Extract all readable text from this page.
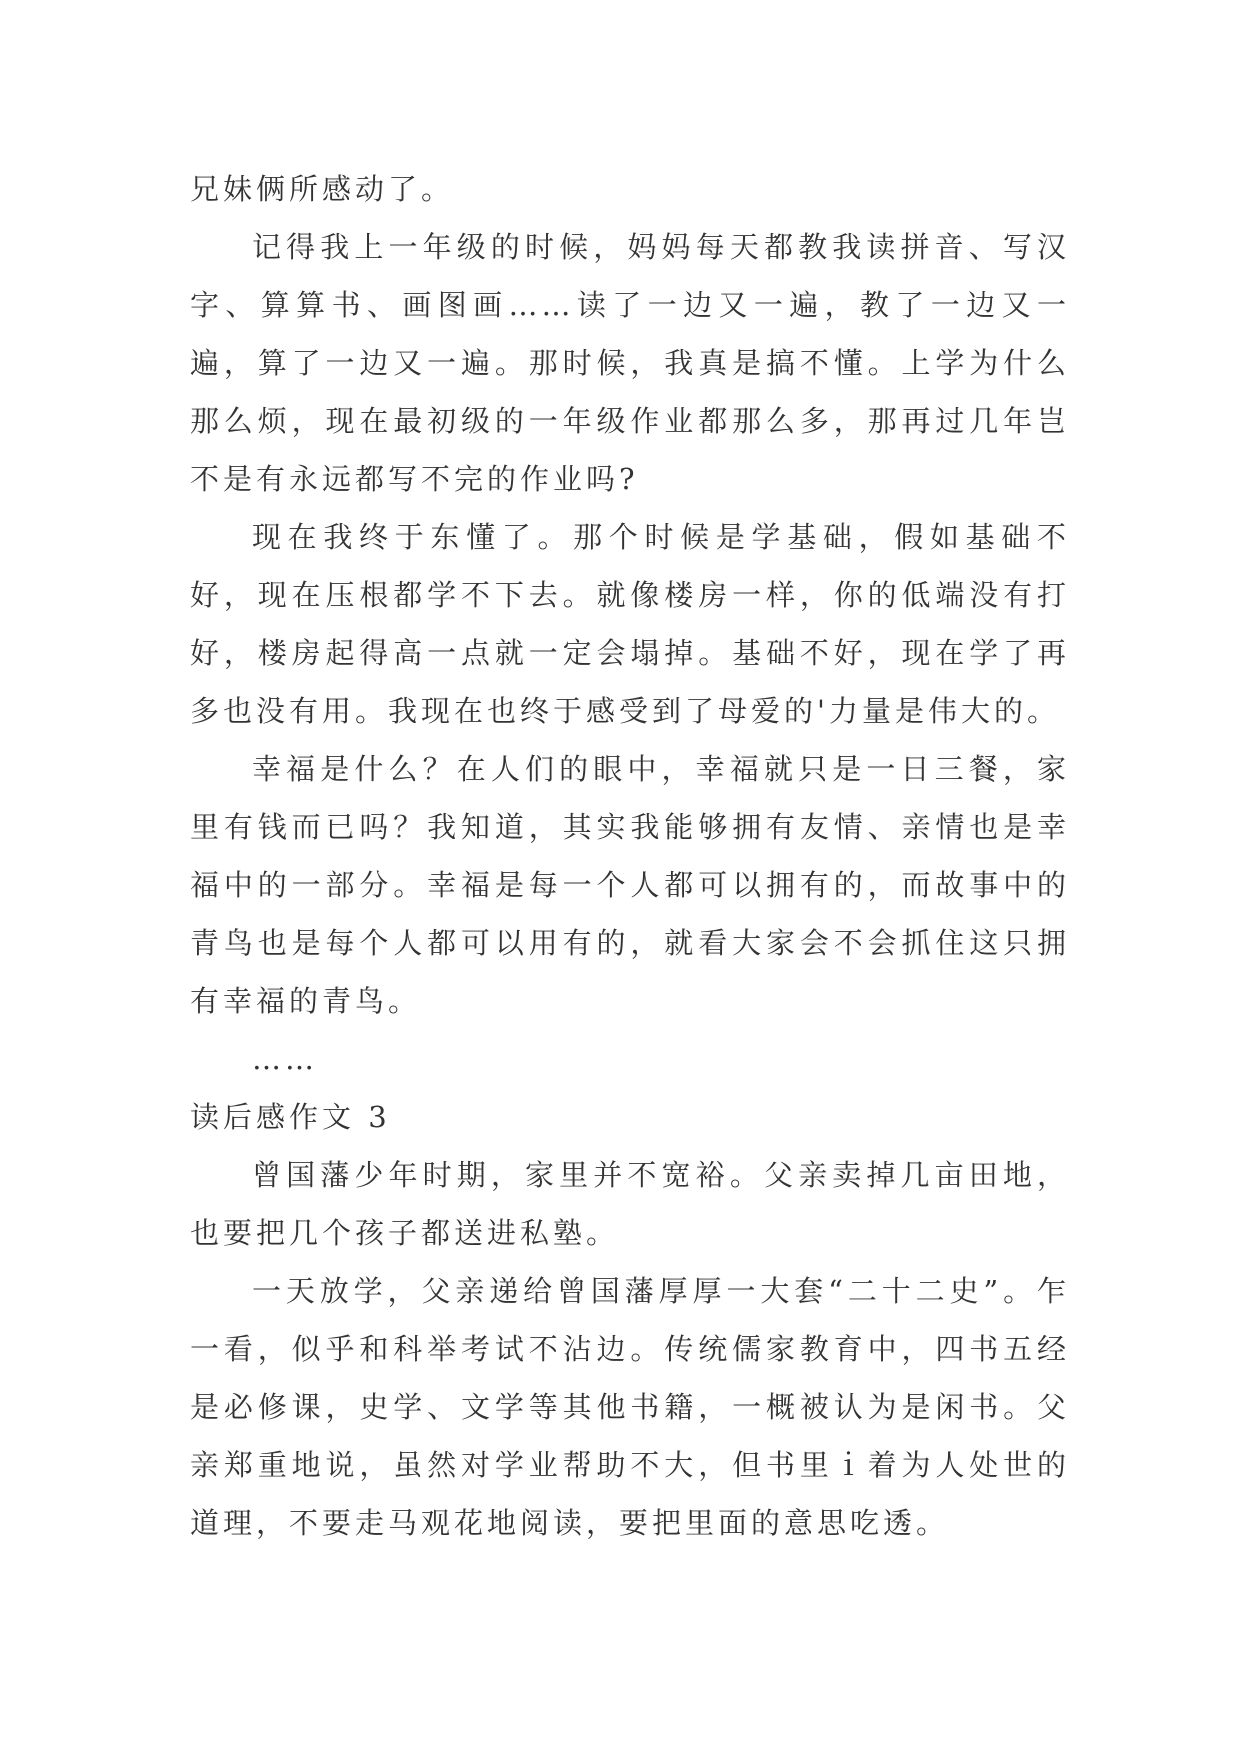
兄妹俩所感动了。

记得我上一年级的时候，妈妈每天都教我读拼音、写汉字、算算书、画图画……读了一边又一遍，教了一边又一遍，算了一边又一遍。那时候，我真是搞不懂。上学为什么那么烦，现在最初级的一年级作业都那么多，那再过几年岂不是有永远都写不完的作业吗?

现在我终于东懂了。那个时候是学基础，假如基础不好，现在压根都学不下去。就像楼房一样，你的低端没有打好，楼房起得高一点就一定会塌掉。基础不好，现在学了再多也没有用。我现在也终于感受到了母爱的'力量是伟大的。

幸福是什么？在人们的眼中，幸福就只是一日三餐，家里有钱而已吗？我知道，其实我能够拥有友情、亲情也是幸福中的一部分。幸福是每一个人都可以拥有的，而故事中的青鸟也是每个人都可以用有的，就看大家会不会抓住这只拥有幸福的青鸟。

……

读后感作文 3

曾国藩少年时期，家里并不宽裕。父亲卖掉几亩田地，也要把几个孩子都送进私塾。

一天放学，父亲递给曾国藩厚厚一大套“二十二史”。乍一看，似乎和科举考试不沾边。传统儒家教育中，四书五经是必修课，史学、文学等其他书籍，一概被认为是闲书。父亲郑重地说，虽然对学业帮助不大，但书里ｉ着为人处世的道理，不要走马观花地阅读，要把里面的意思吃透。
